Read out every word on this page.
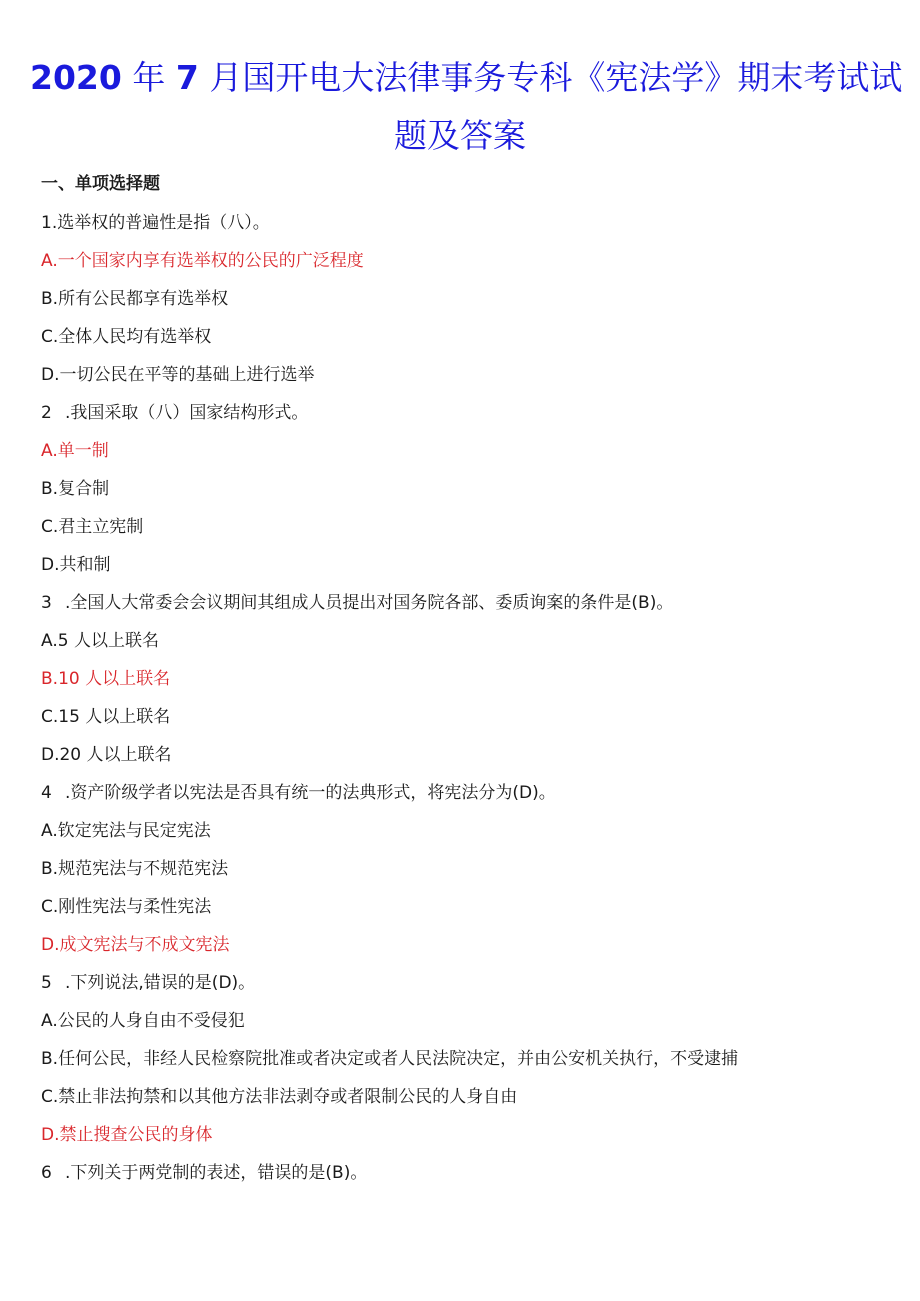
2020 年 7 月国开电大法律事务专科《宪法学》期末考试试
题及答案
一、单项选择题
1.选举权的普遍性是指（八）。
A.一个国家内享有选举权的公民的广泛程度
B.所有公民都享有选举权
C.全体人民均有选举权
D.一切公民在平等的基础上进行选举
2 .我国采取（八）国家结构形式。
A.单一制
B.复合制
C.君主立宪制
D.共和制
3 .全国人大常委会会议期间其组成人员提出对国务院各部、委质询案的条件是(B)。
A.5 人以上联名
B.10 人以上联名
C.15 人以上联名
D.20 人以上联名
4 .资产阶级学者以宪法是否具有统一的法典形式，将宪法分为(D)。
A.钦定宪法与民定宪法
B.规范宪法与不规范宪法
C.刚性宪法与柔性宪法
D.成文宪法与不成文宪法
5 .下列说法,错误的是(D)。
A.公民的人身自由不受侵犯
B.任何公民，非经人民检察院批准或者决定或者人民法院决定，并由公安机关执行，不受逮捕
C.禁止非法拘禁和以其他方法非法剥夺或者限制公民的人身自由
D.禁止搜查公民的身体
6 .下列关于两党制的表述，错误的是(B)。
